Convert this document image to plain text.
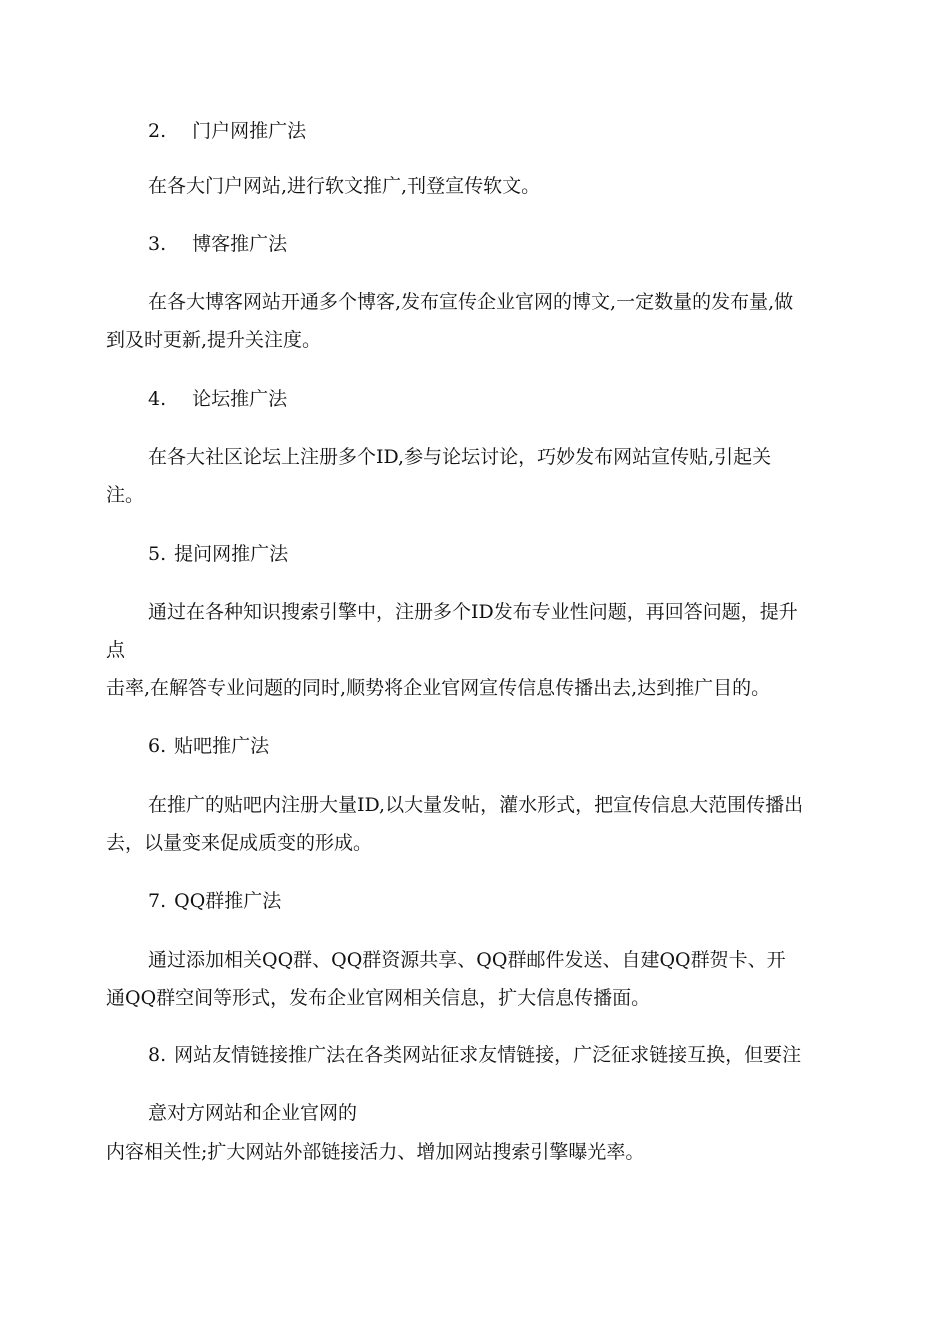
2. 门户网推广法
在各大门户网站,进行软文推广,刊登宣传软文。
3. 博客推广法
在各大博客网站开通多个博客,发布宣传企业官网的博文,一定数量的发布量,做
到及时更新,提升关注度。
4. 论坛推广法
在各大社区论坛上注册多个ID,参与论坛讨论，巧妙发布网站宣传贴,引起关
注。
5. 提问网推广法
通过在各种知识搜索引擎中，注册多个ID发布专业性问题，再回答问题，提升
点
击率,在解答专业问题的同时,顺势将企业官网宣传信息传播出去,达到推广目的。
6. 贴吧推广法
在推广的贴吧内注册大量ID,以大量发帖，灌水形式，把宣传信息大范围传播出
去，以量变来促成质变的形成。
7. QQ群推广法
通过添加相关QQ群、QQ群资源共享、QQ群邮件发送、自建QQ群贺卡、开
通QQ群空间等形式，发布企业官网相关信息，扩大信息传播面。
8. 网站友情链接推广法在各类网站征求友情链接，广泛征求链接互换，但要注
意对方网站和企业官网的
内容相关性;扩大网站外部链接活力、增加网站搜索引擎曝光率。
